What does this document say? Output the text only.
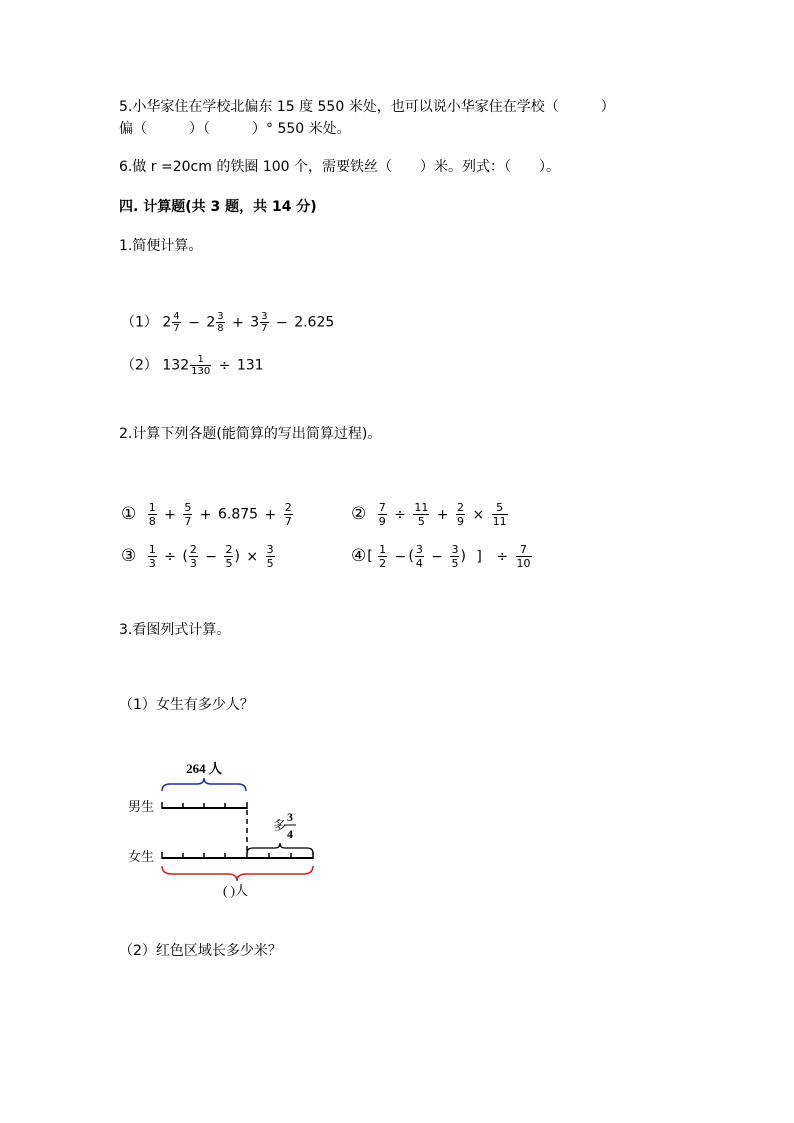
5.小华家住在学校北偏东 15 度 550 米处，也可以说小华家住在学校（　　　）
偏（　　　）（　　　）° 550 米处。
6.做 r =20cm 的铁圈 100 个，需要铁丝（　　）米。列式：（　　）。
四. 计算题(共 3 题，共 14 分)
1.简便计算。
（1） $2 \frac{4}{7} - 2 \frac{3}{8} + 3 \frac{3}{7} - 2.625$
（2） $132 \frac{1}{130} \div 131$
2.计算下列各题(能简算的写出简算过程)。
① $\frac{1}{8} + \frac{5}{7} + 6.875 + \frac{2}{7}$	② $\frac{7}{9} \div \frac{11}{5} + \frac{2}{9} \times \frac{5}{11}$
③ $\frac{1}{3}$ ÷ ( $\frac{2}{3} - \frac{2}{5}$ ) × $\frac{3}{5}$	④[ $\frac{1}{2}$ − ( $\frac{3}{4} - \frac{3}{5}$ ) ] ÷ $\frac{7}{10}$
3.看图列式计算。
（1）女生有多少人？
264 人
男生
多
3
4
女生
( )人
（2）红色区域长多少米？
